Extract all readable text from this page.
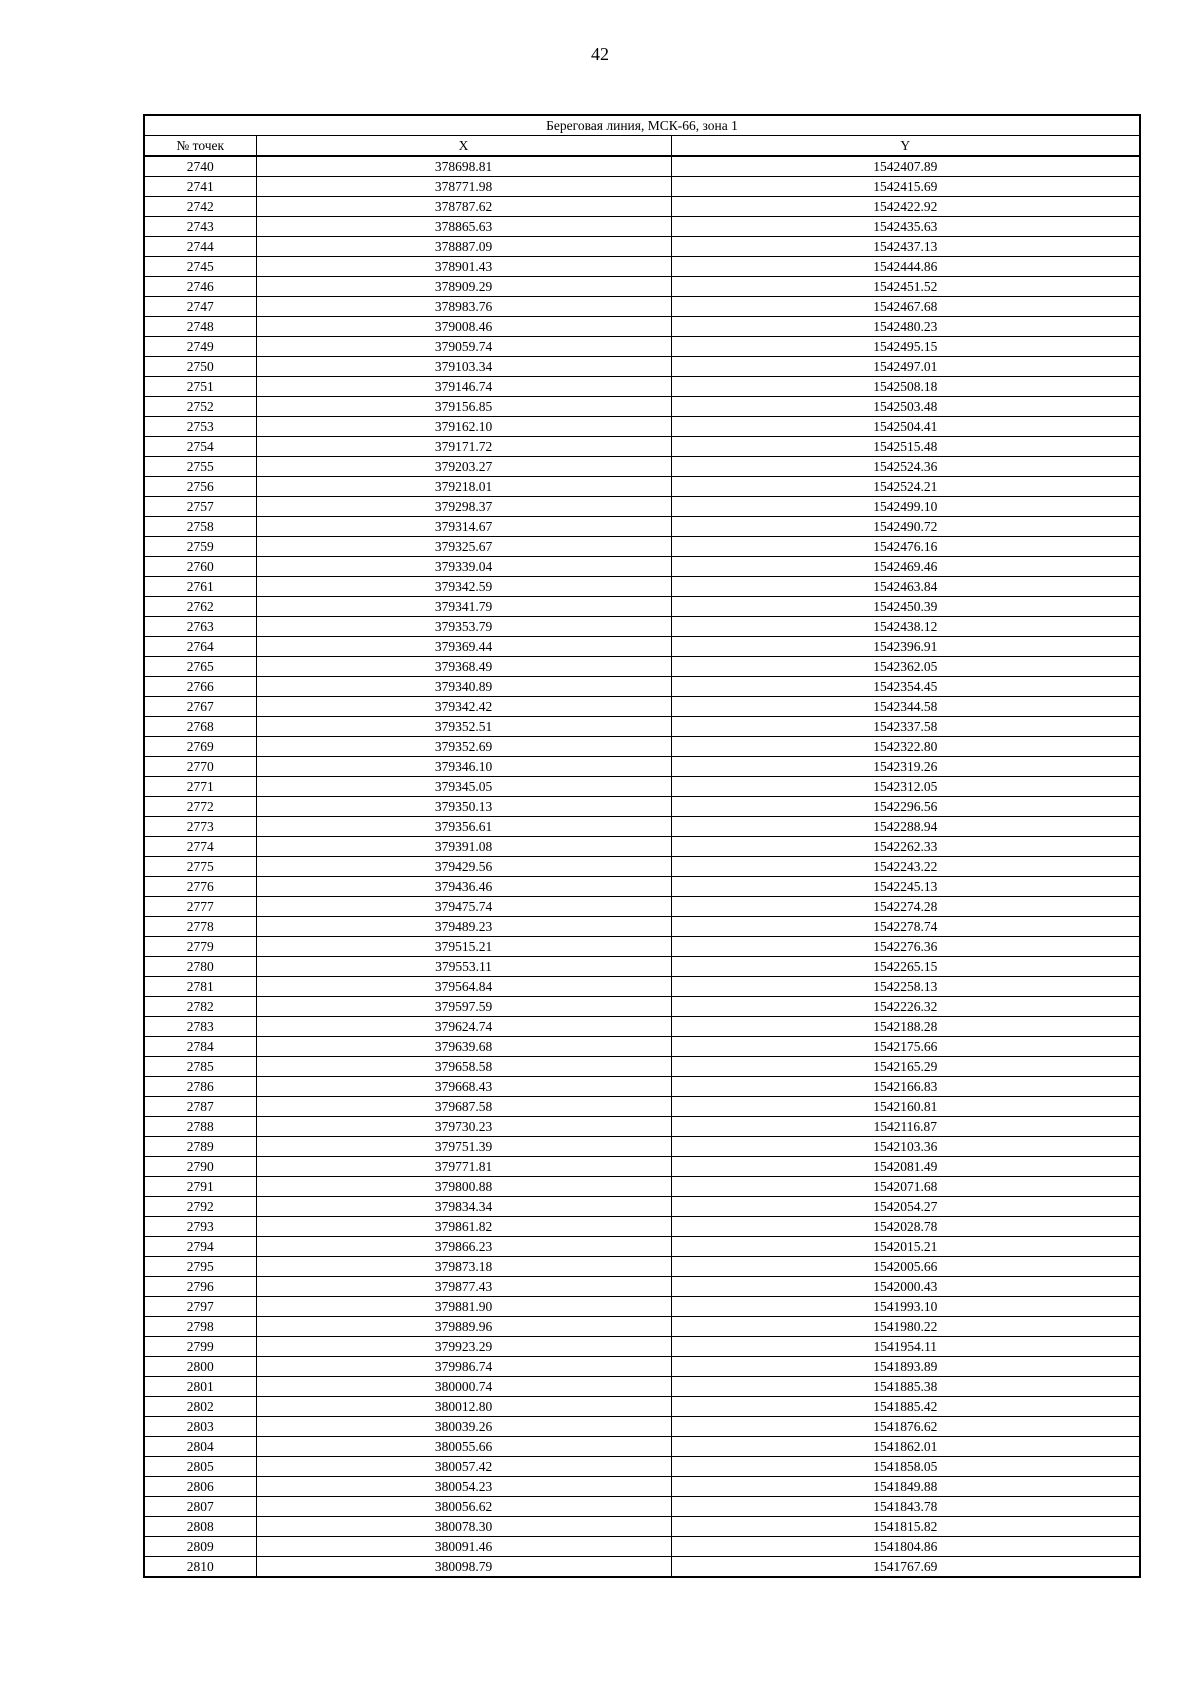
42
Береговая линия, МСК-66, зона 1		
№ точек	X	Y
2740	378698.81	1542407.89
2741	378771.98	1542415.69
2742	378787.62	1542422.92
2743	378865.63	1542435.63
2744	378887.09	1542437.13
2745	378901.43	1542444.86
2746	378909.29	1542451.52
2747	378983.76	1542467.68
2748	379008.46	1542480.23
2749	379059.74	1542495.15
2750	379103.34	1542497.01
2751	379146.74	1542508.18
2752	379156.85	1542503.48
2753	379162.10	1542504.41
2754	379171.72	1542515.48
2755	379203.27	1542524.36
2756	379218.01	1542524.21
2757	379298.37	1542499.10
2758	379314.67	1542490.72
2759	379325.67	1542476.16
2760	379339.04	1542469.46
2761	379342.59	1542463.84
2762	379341.79	1542450.39
2763	379353.79	1542438.12
2764	379369.44	1542396.91
2765	379368.49	1542362.05
2766	379340.89	1542354.45
2767	379342.42	1542344.58
2768	379352.51	1542337.58
2769	379352.69	1542322.80
2770	379346.10	1542319.26
2771	379345.05	1542312.05
2772	379350.13	1542296.56
2773	379356.61	1542288.94
2774	379391.08	1542262.33
2775	379429.56	1542243.22
2776	379436.46	1542245.13
2777	379475.74	1542274.28
2778	379489.23	1542278.74
2779	379515.21	1542276.36
2780	379553.11	1542265.15
2781	379564.84	1542258.13
2782	379597.59	1542226.32
2783	379624.74	1542188.28
2784	379639.68	1542175.66
2785	379658.58	1542165.29
2786	379668.43	1542166.83
2787	379687.58	1542160.81
2788	379730.23	1542116.87
2789	379751.39	1542103.36
2790	379771.81	1542081.49
2791	379800.88	1542071.68
2792	379834.34	1542054.27
2793	379861.82	1542028.78
2794	379866.23	1542015.21
2795	379873.18	1542005.66
2796	379877.43	1542000.43
2797	379881.90	1541993.10
2798	379889.96	1541980.22
2799	379923.29	1541954.11
2800	379986.74	1541893.89
2801	380000.74	1541885.38
2802	380012.80	1541885.42
2803	380039.26	1541876.62
2804	380055.66	1541862.01
2805	380057.42	1541858.05
2806	380054.23	1541849.88
2807	380056.62	1541843.78
2808	380078.30	1541815.82
2809	380091.46	1541804.86
2810	380098.79	1541767.69
